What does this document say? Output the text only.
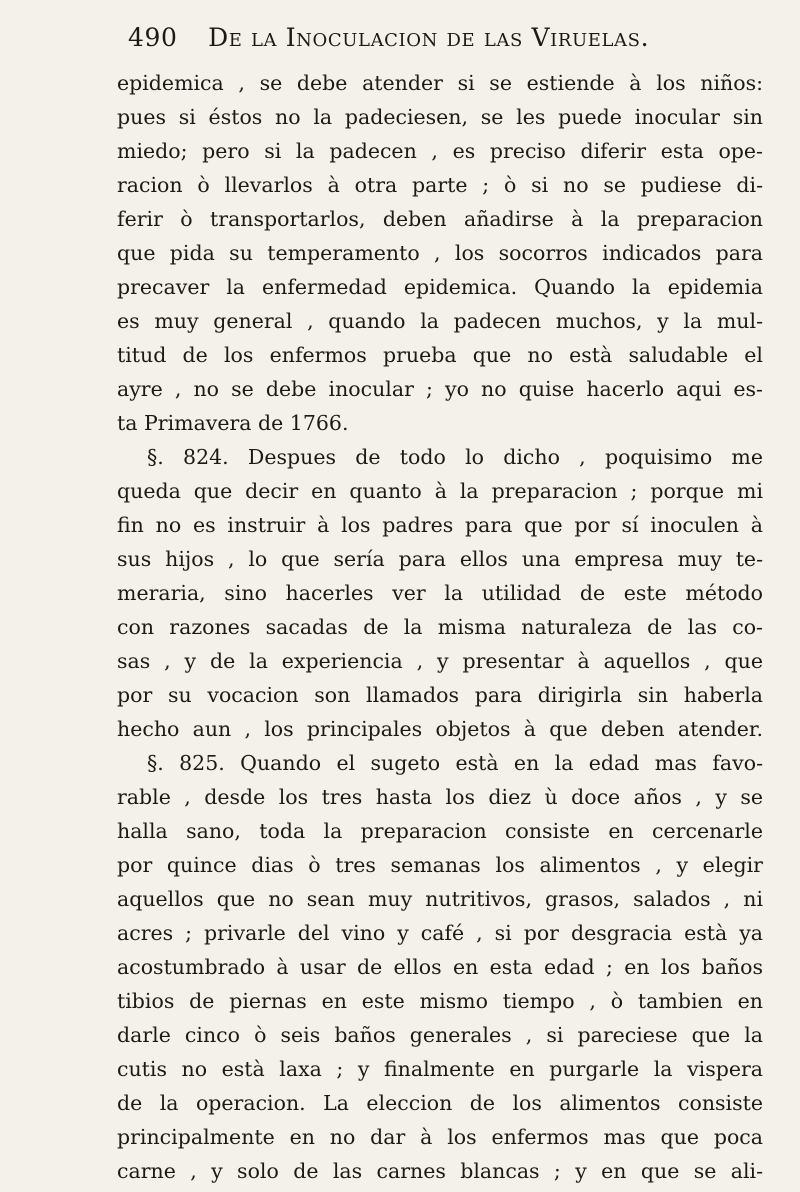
490 De la Inoculacion de las Viruelas.
epidemica , se debe atender si se estiende à los niños:
pues si éstos no la padeciesen, se les puede inocular sin
miedo; pero si la padecen , es preciso diferir esta ope-
racion ò llevarlos à otra parte ; ò si no se pudiese di-
ferir ò transportarlos, deben añadirse à la preparacion
que pida su temperamento , los socorros indicados para
precaver la enfermedad epidemica. Quando la epidemia
es muy general , quando la padecen muchos, y la mul-
titud de los enfermos prueba que no està saludable el
ayre , no se debe inocular ; yo no quise hacerlo aqui es-
ta Primavera de 1766.
§. 824. Despues de todo lo dicho , poquisimo me
queda que decir en quanto à la preparacion ; porque mi
fin no es instruir à los padres para que por sí inoculen à
sus hijos , lo que sería para ellos una empresa muy te-
meraria, sino hacerles ver la utilidad de este método
con razones sacadas de la misma naturaleza de las co-
sas , y de la experiencia , y presentar à aquellos , que
por su vocacion son llamados para dirigirla sin haberla
hecho aun , los principales objetos à que deben atender.
§. 825. Quando el sugeto està en la edad mas favo-
rable , desde los tres hasta los diez ù doce años , y se
halla sano, toda la preparacion consiste en cercenarle
por quince dias ò tres semanas los alimentos , y elegir
aquellos que no sean muy nutritivos, grasos, salados , ni
acres ; privarle del vino y café , si por desgracia està ya
acostumbrado à usar de ellos en esta edad ; en los baños
tibios de piernas en este mismo tiempo , ò tambien en
darle cinco ò seis baños generales , si pareciese que la
cutis no està laxa ; y finalmente en purgarle la vispera
de la operacion. La eleccion de los alimentos consiste
principalmente en no dar à los enfermos mas que poca
carne , y solo de las carnes blancas ; y en que se ali-
